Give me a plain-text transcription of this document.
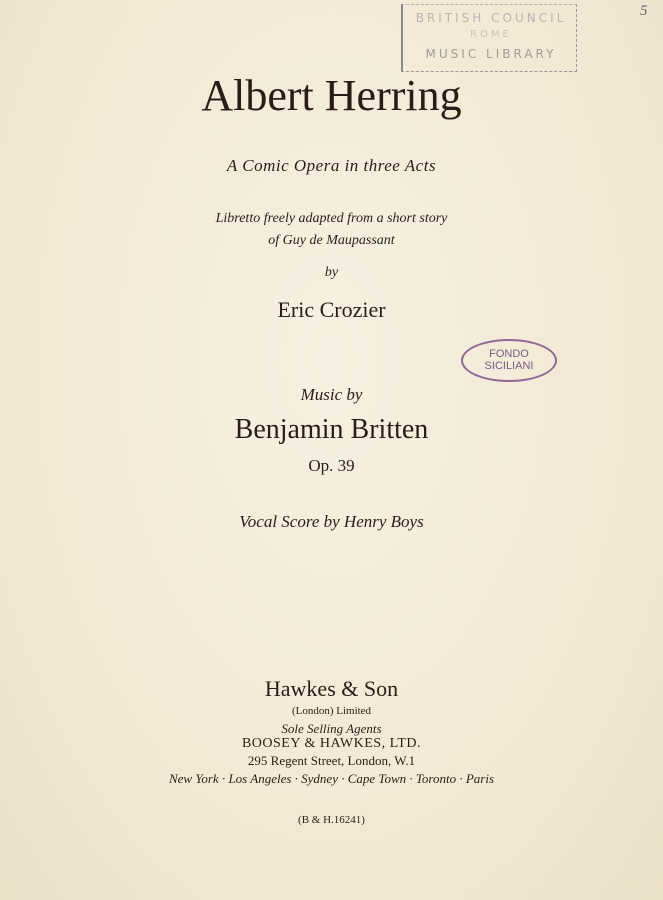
BRITISH COUNCIL
ROME
MUSIC LIBRARY
5
Albert Herring
A Comic Opera in three Acts
Libretto freely adapted from a short story
of Guy de Maupassant
by
Eric Crozier
FONDO
SICILIANI
Music by
Benjamin Britten
Op. 39
Vocal Score by Henry Boys
Hawkes & Son
(London) Limited
Sole Selling Agents
BOOSEY & HAWKES, LTD.
295 Regent Street, London, W.1
New York · Los Angeles · Sydney · Cape Town · Toronto · Paris
(B & H.16241)
